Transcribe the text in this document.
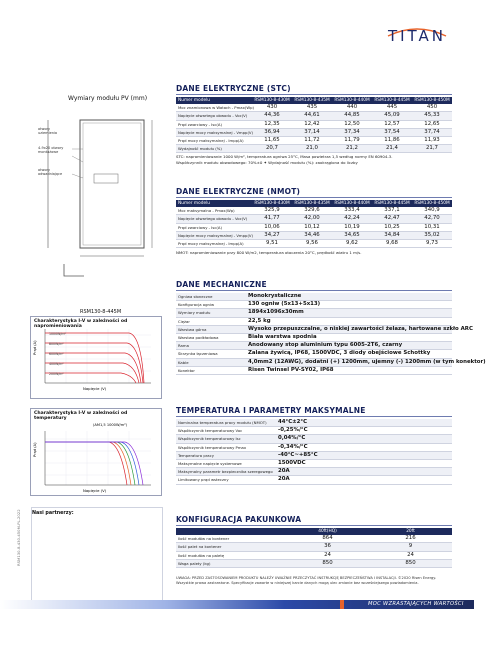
TITAN
Wymiary modułu PV (mm)
otwory uziemienia
4-9x20 otwory montażowe
otwory odwadniające
DANE ELEKTRYCZNE (STC)
Numer modelu	RSM130-8-430M	RSM130-8-435M	RSM130-8-440M	RSM130-8-445M	RSM130-8-450M
Moc znamionowa w Watach - Pmax(Wp)	430	435	440	445	450
Napięcie otwartego obwodu - Voc(V)	44,36	44,61	44,85	45,09	45,33
Prąd zwarciowy - Isc(A)	12,35	12,42	12,50	12,57	12,65
Napięcie mocy maksymalnej - Vmpp(V)	36,94	37,14	37,34	37,54	37,74
Prąd mocy maksymalnej - Impp(A)	11,65	11,72	11,79	11,86	11,93
Wydajność modułu (%)	20,7	21,0	21,2	21,4	21,7
STC: napromieniowanie 1000 W/m², temperatura ogniwa 25°C, Masa powietrza 1,5 według normy EN 60904-3.
Współczynnik modułu obwodowego: 70%±0 ✦ Wydajność modułu (%): zaokrąglona do liczby
DANE ELEKTRYCZNE (NMOT)
Numer modelu	RSM130-8-430M	RSM130-8-435M	RSM130-8-440M	RSM130-8-445M	RSM130-8-450M
Moc maksymalna - Pmax(Wp)	325,9	329,6	333,4	337,1	340,9
Napięcie otwartego obwodu - Voc(V)	41,77	42,00	42,24	42,47	42,70
Prąd zwarciowy - Isc(A)	10,06	10,12	10,19	10,25	10,31
Napięcie mocy maksymalnej - Vmpp(V)	34,27	34,46	34,65	34,84	35,02
Prąd mocy maksymalnej - Impp(A)	9,51	9,56	9,62	9,68	9,73
NMOT: napromieniowanie przy 800 W/m2, temperatura otoczenia 20°C, prędkość wiatru 1 m/s.
DANE MECHANICZNE
Ogniwa słoneczne	Monokrystaliczne
Konfiguracja ogniw	130 ogniw (5x13+5x13)
Wymiary modułu	1894x1096x30mm
Ciężar	22,5 kg
Warstwa górna	Wysoko przepuszczalne, o niskiej zawartości żelaza, hartowane szkło ARC
Warstwa podkładowa	Biała warstwa spodnia
Rama	Anodowany stop aluminium typu 6005-2T6, czarny
Skrzynka łączeniowa	Zalana żywicą, IP68, 1500VDC, 3 diody obejściowe Schottky
Kable	4,0mm2 (12AWG), dodatni (+) 1200mm, ujemny (-) 1200mm (w tym konektor)
Konektor	Risen Twinsel PV-SY02, IP68
TEMPERATURA I PARAMETRY MAKSYMALNE
Nominalna temperatura pracy modułu (NMOT)	44°C±2°C
Współczynnik temperaturowy Voc	-0,25%/°C
Współczynnik temperaturowy Isc	0,04%/°C
Współczynnik temperaturowy Pmax	-0,34%/°C
Temperatura pracy	-40°C~+85°C
Maksymalne napięcie systemowe	1500VDC
Maksymalny parametr bezpiecznika szeregowego	20A
Limitowany prąd wsteczny	20A
KONFIGURACJA PAKUNKOWA
	40ft(HQ)	20ft
Ilość modułów na kontener	864	216
Ilość palet na kontener	36	9
Ilość modułów na paletę	24	24
Waga palety (kg)	850	850
RSM130-8-445M
Charakterystyka I-V w zależności od napromieniowania
Prąd (A)
Napięcie (V)
1000W/m²
800W/m²
600W/m²
400W/m²
200W/m²
Charakterystyka I-V w zależności od temperatury
(AM1,5 1000W/m²)
Prąd (A)
Napięcie (V)
Nasi partnerzy:
RSM130-8-430-450M-PL-2022
UWAGA: PRZED ZASTOSOWANIEM PRODUKTU NALEŻY UWAŻNIE PRZECZYTAĆ INSTRUKCJĘ BEZPIECZEŃSTWA I INSTALACJI. ©2020 Risen Energy. Wszystkie prawa zastrzeżone. Specyfikacje zawarte w niniejszej karcie danych mogą ulec zmianie bez wcześniejszego powiadomienia.
MOC WZRASTAJĄCYCH WARTOŚCI
